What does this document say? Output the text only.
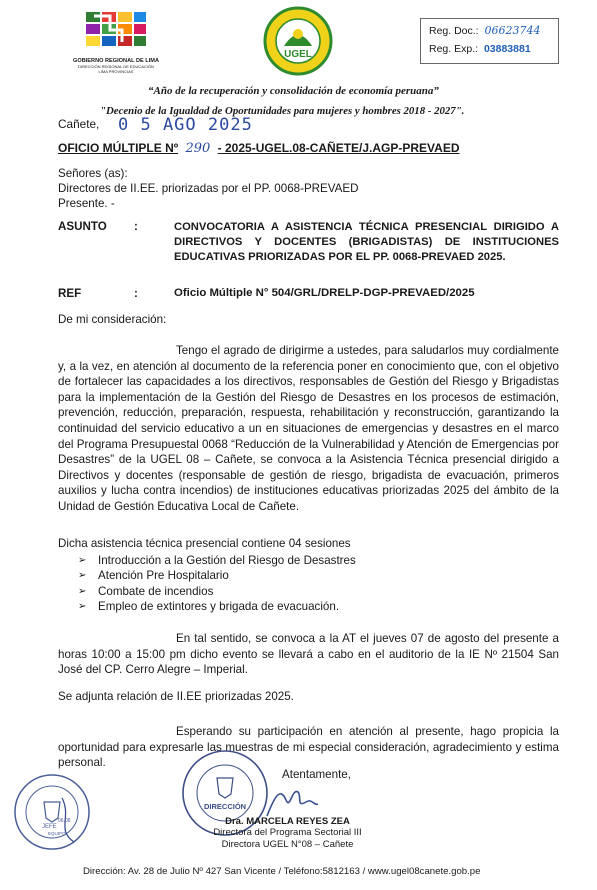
GOBIERNO REGIONAL DE LIMA
DIRECCIÓN REGIONAL DE EDUCACIÓN
LIMA PROVINCIAS
UGEL
Reg. Doc.: 06623744
Reg. Exp.: 03883881
“Año de la recuperación y consolidación de economía peruana”
"Decenio de la Igualdad de Oportunidades para mujeres y hombres 2018 - 2027".
Cañete, 0 5 AGO 2025
OFICIO MÚLTIPLE Nº 290 - 2025-UGEL.08-CAÑETE/J.AGP-PREVAED
Señores (as):
Directores de II.EE. priorizadas por el PP. 0068-PREVAED
Presente. -
ASUNTO :	CONVOCATORIA A ASISTENCIA TÉCNICA PRESENCIAL DIRIGIDO A DIRECTIVOS Y DOCENTES (BRIGADISTAS) DE INSTITUCIONES EDUCATIVAS PRIORIZADAS POR EL PP. 0068-PREVAED 2025.
REF	:	Oficio Múltiple N° 504/GRL/DRELP-DGP-PREVAED/2025
De mi consideración:
Tengo el agrado de dirigirme a ustedes, para saludarlos muy cordialmente y, a la vez, en atención al documento de la referencia poner en conocimiento que, con el objetivo de fortalecer las capacidades a los directivos, responsables de Gestión del Riesgo y Brigadistas para la implementación de la Gestión del Riesgo de Desastres en los procesos de estimación, prevención, reducción, preparación, respuesta, rehabilitación y reconstrucción, garantizando la continuidad del servicio educativo a un en situaciones de emergencias y desastres en el marco del Programa Presupuestal 0068 “Reducción de la Vulnerabilidad y Atención de Emergencias por Desastres” de la UGEL 08 – Cañete, se convoca a la Asistencia Técnica presencial dirigido a Directivos y docentes (responsable de gestión de riesgo, brigadista de evacuación, primeros auxilios y lucha contra incendios) de instituciones educativas priorizadas 2025 del ámbito de la Unidad de Gestión Educativa Local de Cañete.
Dicha asistencia técnica presencial contiene 04 sesiones
➢ Introducción a la Gestión del Riesgo de Desastres
➢ Atención Pre Hospitalario
➢ Combate de incendios
➢ Empleo de extintores y brigada de evacuación.
En tal sentido, se convoca a la AT el jueves 07 de agosto del presente a horas 10:00 a 15:00 pm dicho evento se llevará a cabo en el auditorio de la IE Nº 21504 San José del CP. Cerro Alegre – Imperial.
Se adjunta relación de II.EE priorizadas 2025.
Esperando su participación en atención al presente, hago propicia la oportunidad para expresarle las muestras de mi especial consideración, agradecimiento y estima personal.
JEFE
06.08
EQUIPO
DIRECCIÓN
Atentamente,
Dra. MARCELA REYES ZEA
Directora del Programa Sectorial III
Directora UGEL N°08 – Cañete
Dirección: Av. 28 de Julio Nº 427 San Vicente / Teléfono:5812163 / www.ugel08canete.gob.pe
